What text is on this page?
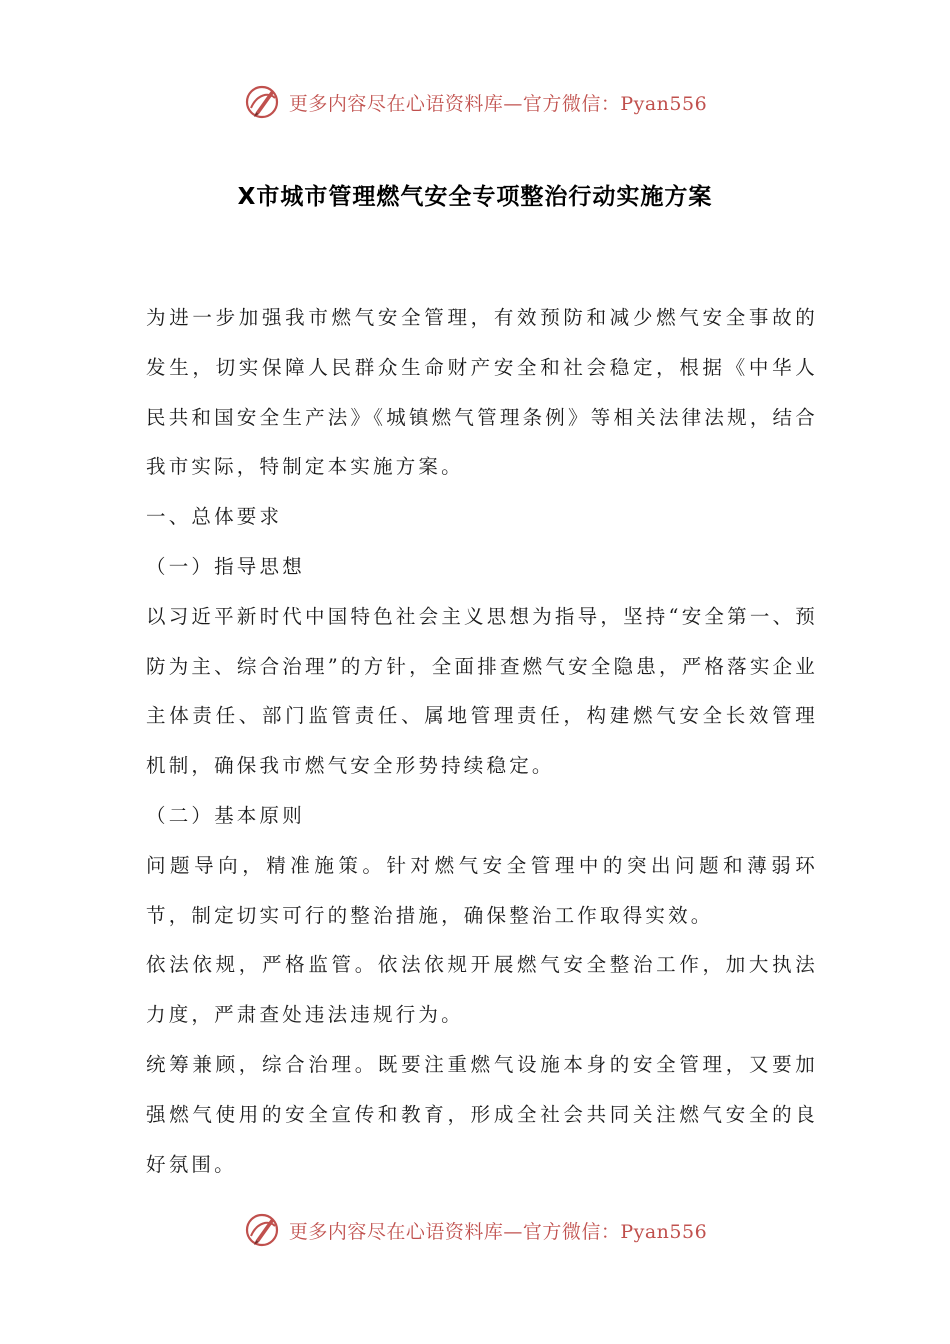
更多内容尽在心语资料库—官方微信：Pyan556
X市城市管理燃气安全专项整治行动实施方案

为进一步加强我市燃气安全管理，有效预防和减少燃气安全事故的发生，切实保障人民群众生命财产安全和社会稳定，根据《中华人民共和国安全生产法》《城镇燃气管理条例》等相关法律法规，结合我市实际，特制定本实施方案。

一、总体要求

（一）指导思想

以习近平新时代中国特色社会主义思想为指导，坚持“安全第一、预防为主、综合治理”的方针，全面排查燃气安全隐患，严格落实企业主体责任、部门监管责任、属地管理责任，构建燃气安全长效管理机制，确保我市燃气安全形势持续稳定。

（二）基本原则

问题导向，精准施策。针对燃气安全管理中的突出问题和薄弱环节，制定切实可行的整治措施，确保整治工作取得实效。

依法依规，严格监管。依法依规开展燃气安全整治工作，加大执法力度，严肃查处违法违规行为。

统筹兼顾，综合治理。既要注重燃气设施本身的安全管理，又要加强燃气使用的安全宣传和教育，形成全社会共同关注燃气安全的良好氛围。

更多内容尽在心语资料库—官方微信：Pyan556
